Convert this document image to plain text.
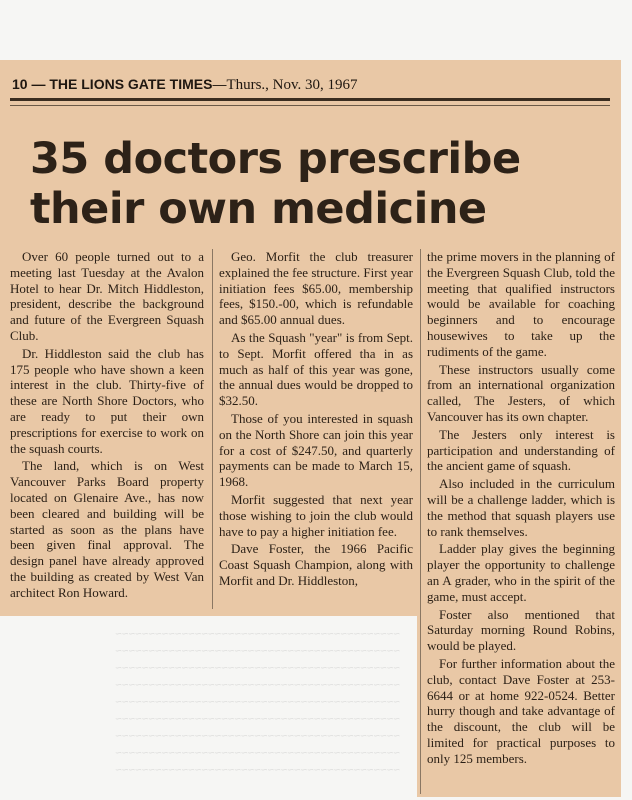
~~~~~~~~~~~~~~~~~~~~~~~~~~~~~~~~~~~~~~~~~~~
~~~~~~~~~~~~~~~~~~~~~~~~~~~~~~~~~~~~~~~~~~~
~~~~~~~~~~~~~~~~~~~~~~~~~~~~~~~~~~~~~~~~~~~
~~~~~~~~~~~~~~~~~~~~~~~~~~~~~~~~~~~~~~~~~~~
~~~~~~~~~~~~~~~~~~~~~~~~~~~~~~~~~~~~~~~~~~~
~~~~~~~~~~~~~~~~~~~~~~~~~~~~~~~~~~~~~~~~~~~
~~~~~~~~~~~~~~~~~~~~~~~~~~~~~~~~~~~~~~~~~~~
~~~~~~~~~~~~~~~~~~~~~~~~~~~~~~~~~~~~~~~~~~~
~~~~~~~~~~~~~~~~~~~~~~~~~~~~~~~~~~~~~~~~~~~
10 — THE LIONS GATE TIMES—Thurs., Nov. 30, 1967
35 doctors prescribe
their own medicine

Over 60 people turned out to a meeting last Tuesday at the Avalon Hotel to hear Dr. Mitch Hiddleston, president, describe the background and future of the Evergreen Squash Club.

Dr. Hiddleston said the club has 175 people who have shown a keen interest in the club. Thirty-five of these are North Shore Doctors, who are ready to put their own prescriptions for exercise to work on the squash courts.

The land, which is on West Vancouver Parks Board property located on Glenaire Ave., has now been cleared and building will be started as soon as the plans have been given final approval. The design panel have already approved the building as created by West Van architect Ron Howard.

Geo. Morfit the club treasurer explained the fee structure. First year initiation fees $65.00, membership fees, $150.-00, which is refundable and $65.00 annual dues.

As the Squash "year" is from Sept. to Sept. Morfit offered tha in as much as half of this year was gone, the annual dues would be dropped to $32.50.

Those of you interested in squash on the North Shore can join this year for a cost of $247.50, and quarterly payments can be made to March 15, 1968.

Morfit suggested that next year those wishing to join the club would have to pay a higher initiation fee.

Dave Foster, the 1966 Pacific Coast Squash Champion, along with Morfit and Dr. Hiddleston,

the prime movers in the planning of the Evergreen Squash Club, told the meeting that qualified instructors would be available for coaching beginners and to encourage housewives to take up the rudiments of the game.

These instructors usually come from an international organization called, The Jesters, of which Vancouver has its own chapter.

The Jesters only interest is participation and understanding of the ancient game of squash.

Also included in the curriculum will be a challenge ladder, which is the method that squash players use to rank themselves.

Ladder play gives the beginning player the opportunity to challenge an A grader, who in the spirit of the game, must accept.

Foster also mentioned that Saturday morning Round Robins, would be played.

For further information about the club, contact Dave Foster at 253-6644 or at home 922-0524. Better hurry though and take advantage of the discount, the club will be limited for practical purposes to only 125 members.
